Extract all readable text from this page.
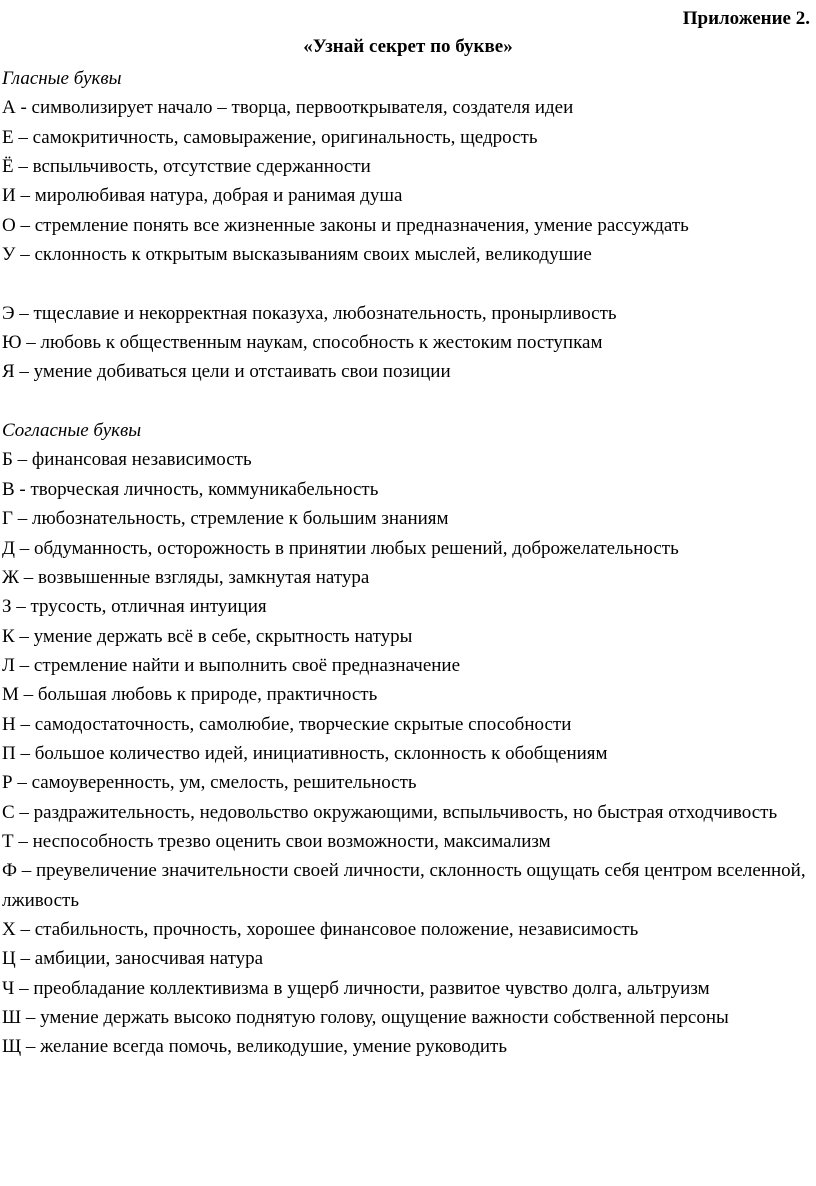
Приложение 2.
«Узнай секрет по букве»
Гласные буквы
А - символизирует начало – творца, первооткрывателя, создателя идеи
Е – самокритичность, самовыражение, оригинальность, щедрость
Ё – вспыльчивость, отсутствие сдержанности
И – миролюбивая натура, добрая и ранимая душа
О – стремление понять все жизненные законы и предназначения, умение рассуждать
У – склонность к открытым высказываниям своих мыслей, великодушие
Э – тщеславие и некорректная показуха, любознательность, пронырливость
Ю – любовь к общественным наукам, способность к жестоким поступкам
Я – умение добиваться цели и отстаивать свои позиции
Согласные буквы
Б – финансовая независимость
В - творческая личность, коммуникабельность
Г – любознательность, стремление к большим знаниям
Д – обдуманность, осторожность в принятии любых решений, доброжелательность
Ж – возвышенные взгляды, замкнутая натура
З – трусость, отличная интуиция
К – умение держать всё в себе, скрытность натуры
Л – стремление найти и выполнить своё предназначение
М – большая любовь к природе, практичность
Н – самодостаточность, самолюбие, творческие скрытые способности
П – большое количество идей, инициативность, склонность к обобщениям
Р – самоуверенность, ум, смелость, решительность
С – раздражительность, недовольство окружающими, вспыльчивость, но быстрая отходчивость
Т – неспособность трезво оценить свои возможности, максимализм
Ф – преувеличение значительности своей личности, склонность ощущать себя центром вселенной, лживость
Х – стабильность, прочность, хорошее финансовое положение, независимость
Ц – амбиции, заносчивая натура
Ч – преобладание коллективизма в ущерб личности, развитое чувство долга, альтруизм
Ш – умение держать высоко поднятую голову, ощущение важности собственной персоны
Щ – желание всегда помочь, великодушие, умение руководить
